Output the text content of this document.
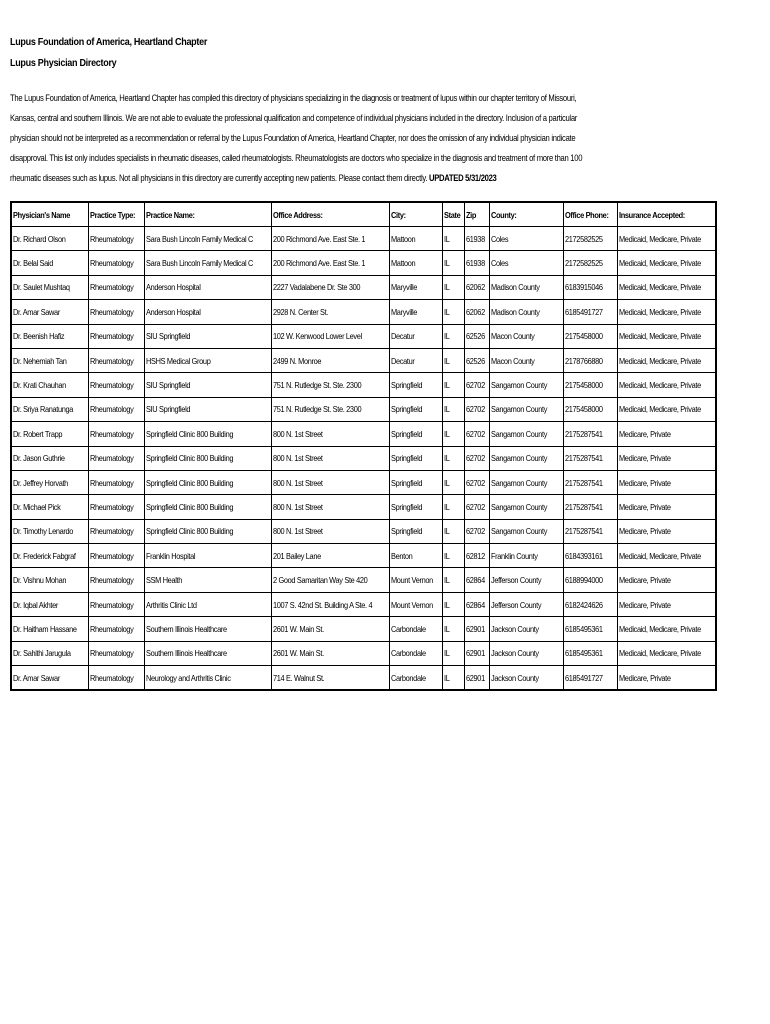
Lupus Foundation of America, Heartland Chapter
Lupus Physician Directory
The Lupus Foundation of America, Heartland Chapter has compiled this directory of physicians specializing in the diagnosis or treatment of lupus within our chapter territory of Missouri, Kansas, central and southern Illinois. We are not able to evaluate the professional qualification and competence of individual physicians included in the directory. Inclusion of a particular physician should not be interpreted as a recommendation or referral by the Lupus Foundation of America, Heartland Chapter, nor does the omission of any individual physician indicate disapproval. This list only includes specialists in rheumatic diseases, called rheumatologists. Rheumatologists are doctors who specialize in the diagnosis and treatment of more than 100 rheumatic diseases such as lupus. Not all physicians in this directory are currently accepting new patients. Please contact them directly. UPDATED 5/31/2023
Physician's Name	Practice Type:	Practice Name:	Office Address:	City:	State	Zip	County:	Office Phone:	Insurance Accepted:
Dr. Richard Olson	Rheumatology	Sara Bush Lincoln Family Medical C	200 Richmond Ave. East Ste. 1	Mattoon	IL	61938	Coles	2172582525	Medicaid, Medicare, Private
Dr. Belal Said	Rheumatology	Sara Bush Lincoln Family Medical C	200 Richmond Ave. East Ste. 1	Mattoon	IL	61938	Coles	2172582525	Medicaid, Medicare, Private
Dr. Saulet Mushtaq	Rheumatology	Anderson Hospital	2227 Vadalabene Dr. Ste 300	Maryville	IL	62062	Madison County	6183915046	Medicaid, Medicare, Private
Dr. Amar Sawar	Rheumatology	Anderson Hospital	2928 N. Center St.	Maryville	IL	62062	Madison County	6185491727	Medicaid, Medicare, Private
Dr. Beenish Hafiz	Rheumatology	SIU Springfield	102 W. Kenwood Lower Level	Decatur	IL	62526	Macon County	2175458000	Medicaid, Medicare, Private
Dr. Nehemiah Tan	Rheumatology	HSHS Medical Group	2499 N. Monroe	Decatur	IL	62526	Macon County	2178766880	Medicaid, Medicare, Private
Dr. Krati Chauhan	Rheumatology	SIU Springfield	751 N. Rutledge St. Ste. 2300	Springfield	IL	62702	Sangamon County	2175458000	Medicaid, Medicare, Private
Dr. Sriya Ranatunga	Rheumatology	SIU Springfield	751 N. Rutledge St. Ste. 2300	Springfield	IL	62702	Sangamon County	2175458000	Medicaid, Medicare, Private
Dr. Robert Trapp	Rheumatology	Springfield Clinic 800 Building	800 N. 1st Street	Springfield	IL	62702	Sangamon County	2175287541	Medicare, Private
Dr. Jason Guthrie	Rheumatology	Springfield Clinic 800 Building	800 N. 1st Street	Springfield	IL	62702	Sangamon County	2175287541	Medicare, Private
Dr. Jeffrey Horvath	Rheumatology	Springfield Clinic 800 Building	800 N. 1st Street	Springfield	IL	62702	Sangamon County	2175287541	Medicare, Private
Dr. Michael Pick	Rheumatology	Springfield Clinic 800 Building	800 N. 1st Street	Springfield	IL	62702	Sangamon County	2175287541	Medicare, Private
Dr. Timothy Lenardo	Rheumatology	Springfield Clinic 800 Building	800 N. 1st Street	Springfield	IL	62702	Sangamon County	2175287541	Medicare, Private
Dr. Frederick Fabgraf	Rheumatology	Franklin Hospital	201 Bailey Lane	Benton	IL	62812	Franklin County	6184393161	Medicaid, Medicare, Private
Dr. Vishnu Mohan	Rheumatology	SSM Health	2 Good Samaritan Way Ste 420	Mount Vernon	IL	62864	Jefferson County	6188994000	Medicare, Private
Dr. Iqbal Akhter	Rheumatology	Arthritis Clinic Ltd	1007 S. 42nd St. Building A Ste. 4	Mount Vernon	IL	62864	Jefferson County	6182424626	Medicare, Private
Dr. Haitham Hassane	Rheumatology	Southern Illinois Healthcare	2601 W. Main St.	Carbondale	IL	62901	Jackson County	6185495361	Medicaid, Medicare, Private
Dr. Sahithi Jarugula	Rheumatology	Southern Illinois Healthcare	2601 W. Main St.	Carbondale	IL	62901	Jackson County	6185495361	Medicaid, Medicare, Private
Dr. Amar Sawar	Rheumatology	Neurology and Arthritis Clinic	714 E. Walnut St.	Carbondale	IL	62901	Jackson County	6185491727	Medicare, Private
